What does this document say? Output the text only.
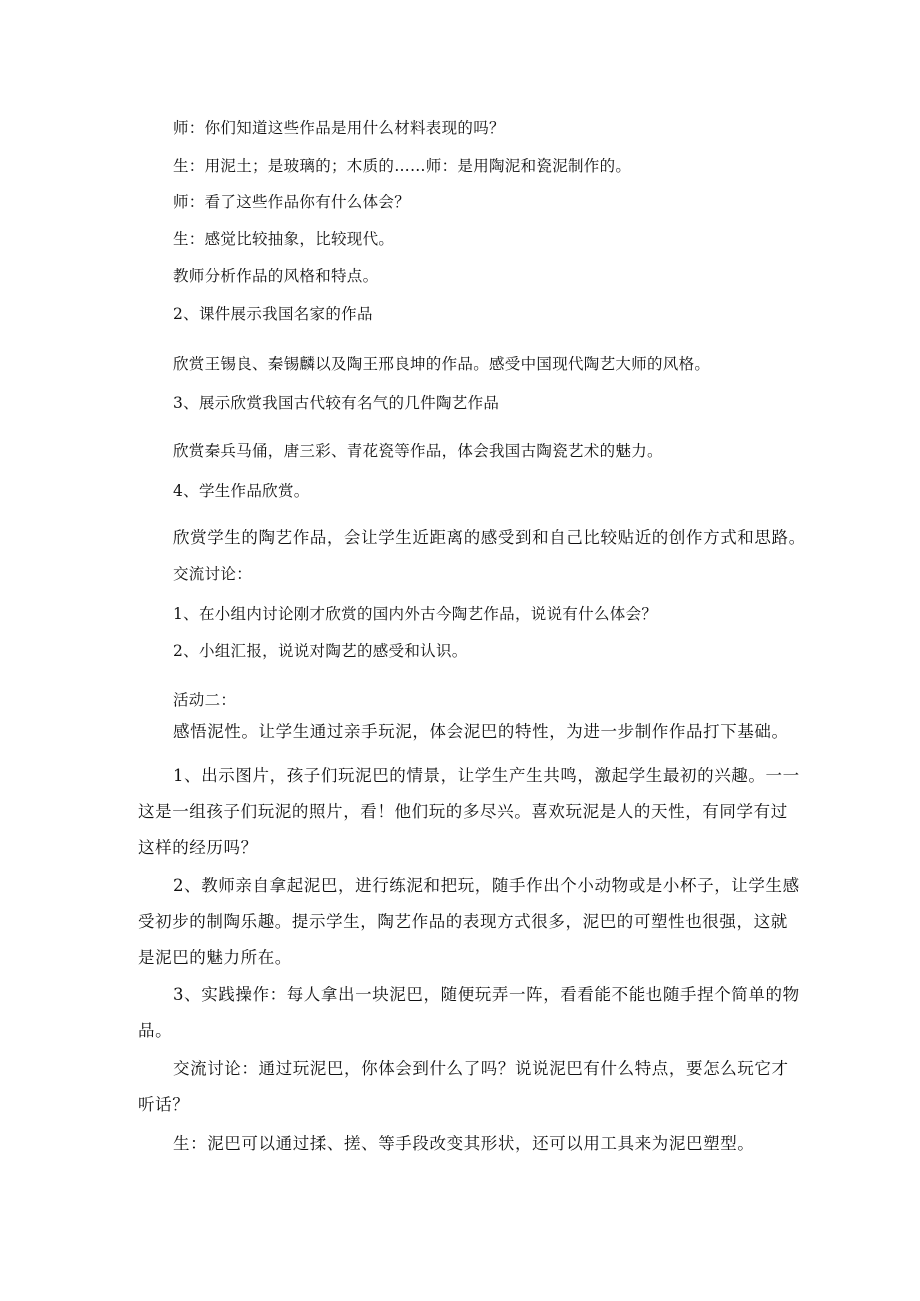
师：你们知道这些作品是用什么材料表现的吗？
生：用泥土；是玻璃的；木质的……师：是用陶泥和瓷泥制作的。
师：看了这些作品你有什么体会？
生：感觉比较抽象，比较现代。
教师分析作品的风格和特点。
2、课件展示我国名家的作品
欣赏王锡良、秦锡麟以及陶王邢良坤的作品。感受中国现代陶艺大师的风格。
3、展示欣赏我国古代较有名气的几件陶艺作品
欣赏秦兵马俑，唐三彩、青花瓷等作品，体会我国古陶瓷艺术的魅力。
4、学生作品欣赏。
欣赏学生的陶艺作品，会让学生近距离的感受到和自己比较贴近的创作方式和思路。
交流讨论：
1、在小组内讨论刚才欣赏的国内外古今陶艺作品，说说有什么体会？
2、小组汇报，说说对陶艺的感受和认识。
活动二：
感悟泥性。让学生通过亲手玩泥，体会泥巴的特性，为进一步制作作品打下基础。
1、出示图片，孩子们玩泥巴的情景，让学生产生共鸣，激起学生最初的兴趣。一一
这是一组孩子们玩泥的照片，看！他们玩的多尽兴。喜欢玩泥是人的天性，有同学有过
这样的经历吗？
2、教师亲自拿起泥巴，进行练泥和把玩，随手作出个小动物或是小杯子，让学生感
受初步的制陶乐趣。提示学生，陶艺作品的表现方式很多，泥巴的可塑性也很强，这就
是泥巴的魅力所在。
3、实践操作：每人拿出一块泥巴，随便玩弄一阵，看看能不能也随手捏个简单的物
品。
交流讨论：通过玩泥巴，你体会到什么了吗？说说泥巴有什么特点，要怎么玩它才
听话？
生：泥巴可以通过揉、搓、等手段改变其形状，还可以用工具来为泥巴塑型。
